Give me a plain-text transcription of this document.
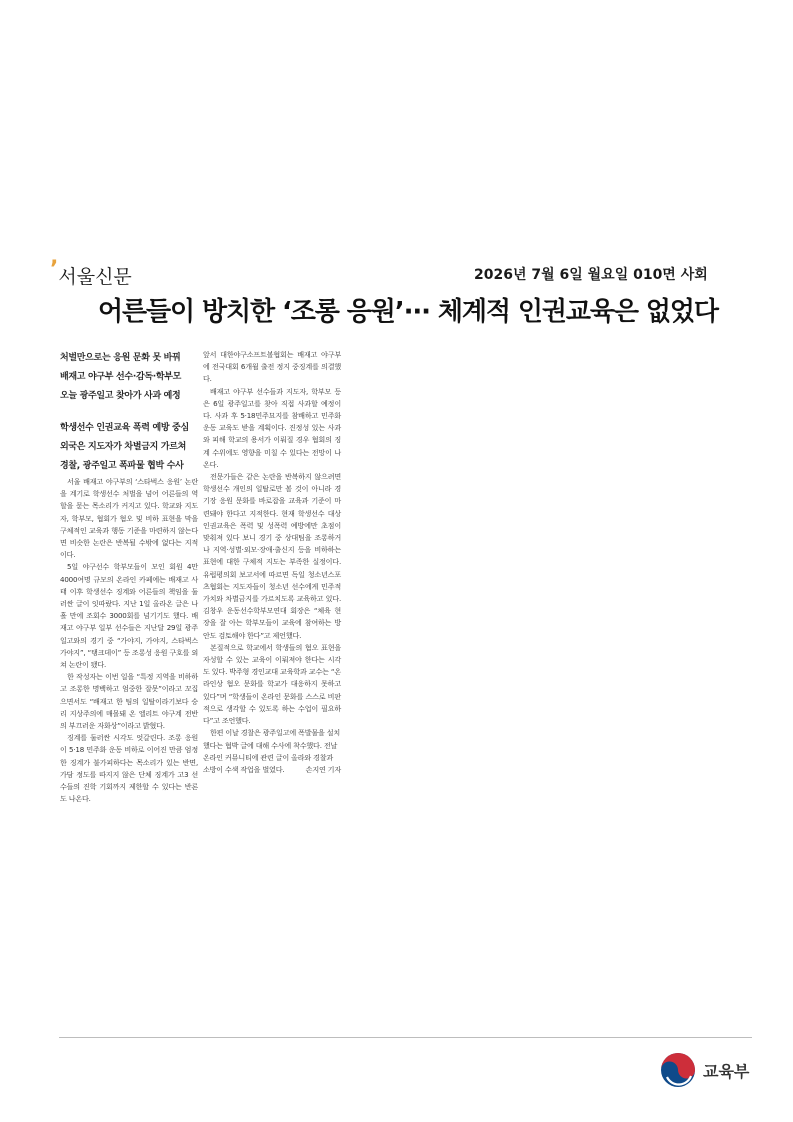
’서울신문	2026년 7월 6일 월요일 010면 사회
어른들이 방치한 ‘조롱 응원’··· 체계적 인권교육은 없었다
처벌만으로는 응원 문화 못 바꿔
배재고 야구부 선수·감독·학부모
오늘 광주일고 찾아가 사과 예정
학생선수 인권교육 폭력 예방 중심
외국은 지도자가 차별금지 가르쳐
경찰, 광주일고 폭파물 협박 수사

서울 배재고 야구부의 ‘스타벅스 응원’ 논란을 계기로 학생선수 처벌을 넘어 어른들의 역할을 묻는 목소리가 커지고 있다. 학교와 지도자, 학부모, 협회가 혐오 및 비하 표현을 막을 구체적인 교육과 행동 기준을 마련하지 않는다면 비슷한 논란은 반복될 수밖에 없다는 지적이다.

5일 야구선수 학부모들이 모인 회원 4만 4000여명 규모의 온라인 카페에는 배재고 사태 이후 학생선수 징계와 어른들의 책임을 둘러싼 글이 잇따랐다. 지난 1일 올라온 글은 나흘 만에 조회수 3000회를 넘기기도 했다. 배재고 야구부 일부 선수들은 지난달 29일 광주일고와의 경기 중 “가야지, 가야지, 스타벅스 가야지”, “탱크데이” 등 조롱성 응원 구호를 외쳐 논란이 됐다.

한 작성자는 이번 일을 “특정 지역을 비하하고 조롱한 명백하고 엄중한 잘못”이라고 꼬집으면서도 “배재고 한 팀의 일탈이라기보다 승리 지상주의에 매몰돼 온 엘리트 야구계 전반의 부끄러운 자화상”이라고 밝혔다.

징계를 둘러싼 시각도 엇갈린다. 조롱 응원이 5·18 민주화 운동 비하로 이어진 만큼 엄정한 징계가 불가피하다는 목소리가 있는 반면, 가담 정도를 따지지 않은 단체 징계가 고3 선수들의 진학 기회까지 제한할 수 있다는 반론도 나온다.

앞서 대한야구소프트볼협회는 배재고 야구부에 전국대회 6개월 출전 정지 중징계를 의결했다.

배재고 야구부 선수들과 지도자, 학부모 등은 6일 광주일고를 찾아 직접 사과할 예정이다. 사과 후 5·18민주묘지를 참배하고 민주화운동 교육도 받을 계획이다. 진정성 있는 사과와 피해 학교의 용서가 이뤄질 경우 협회의 징계 수위에도 영향을 미칠 수 있다는 전망이 나온다.

전문가들은 같은 논란을 반복하지 않으려면 학생선수 개인의 일탈로만 볼 것이 아니라 경기장 응원 문화를 바로잡을 교육과 기준이 마련돼야 한다고 지적한다. 현재 학생선수 대상 인권교육은 폭력 및 성폭력 예방에만 초점이 맞춰져 있다 보니 경기 중 상대팀을 조롱하거나 지역·성별·외모·장애·출신지 등을 비하하는 표현에 대한 구체적 지도는 부족한 실정이다. 유럽평의회 보고서에 따르면 독일 청소년스포츠협회는 지도자들이 청소년 선수에게 민주적 가치와 차별금지를 가르치도록 교육하고 있다. 김창우 운동선수학부모연대 회장은 “체육 현장을 잘 아는 학부모들이 교육에 참여하는 방안도 검토해야 한다”고 제언했다.

본질적으로 학교에서 학생들의 혐오 표현을 자성할 수 있는 교육이 이뤄져야 한다는 시각도 있다. 박주형 경인교대 교육학과 교수는 “온라인상 혐오 문화를 학교가 대응하지 못하고 있다”며 “학생들이 온라인 문화를 스스로 비판적으로 생각할 수 있도록 하는 수업이 필요하다”고 조언했다.

한편 이날 경찰은 광주일고에 폭발물을 설치했다는 협박 글에 대해 수사에 착수했다. 전날 온라인 커뮤니티에 관련 글이 올라와 경찰과 소방이 수색 작업을 벌였다.	손지연 기자

교육부
